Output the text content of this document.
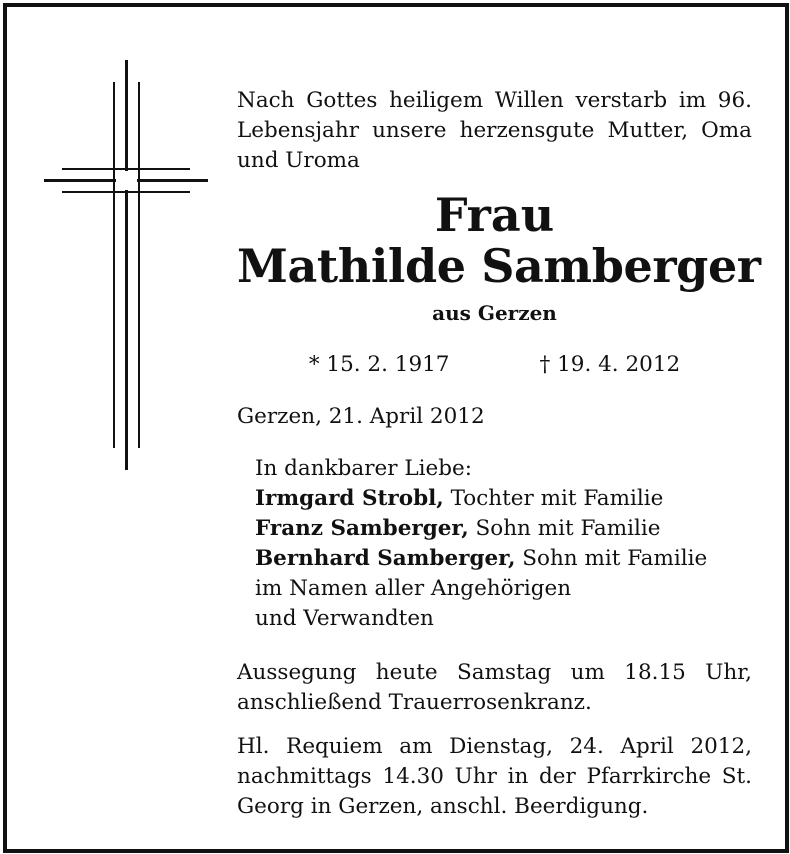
Nach Gottes heiligem Willen verstarb im 96. Lebensjahr unsere herzensgute Mutter, Oma und Uroma

Frau

Mathilde Samberger

aus Gerzen
* 15. 2. 1917	† 19. 4. 2012
Gerzen, 21. April 2012
In dankbarer Liebe:
Irmgard Strobl, Tochter mit Familie
Franz Samberger, Sohn mit Familie
Bernhard Samberger, Sohn mit Familie
im Namen aller Angehörigen
und Verwandten

Aussegung heute Samstag um 18.15 Uhr, anschließend Trauerrosenkranz.

Hl. Requiem am Dienstag, 24. April 2012, nachmittags 14.30 Uhr in der Pfarrkirche St. Georg in Gerzen, anschl. Beerdigung.
